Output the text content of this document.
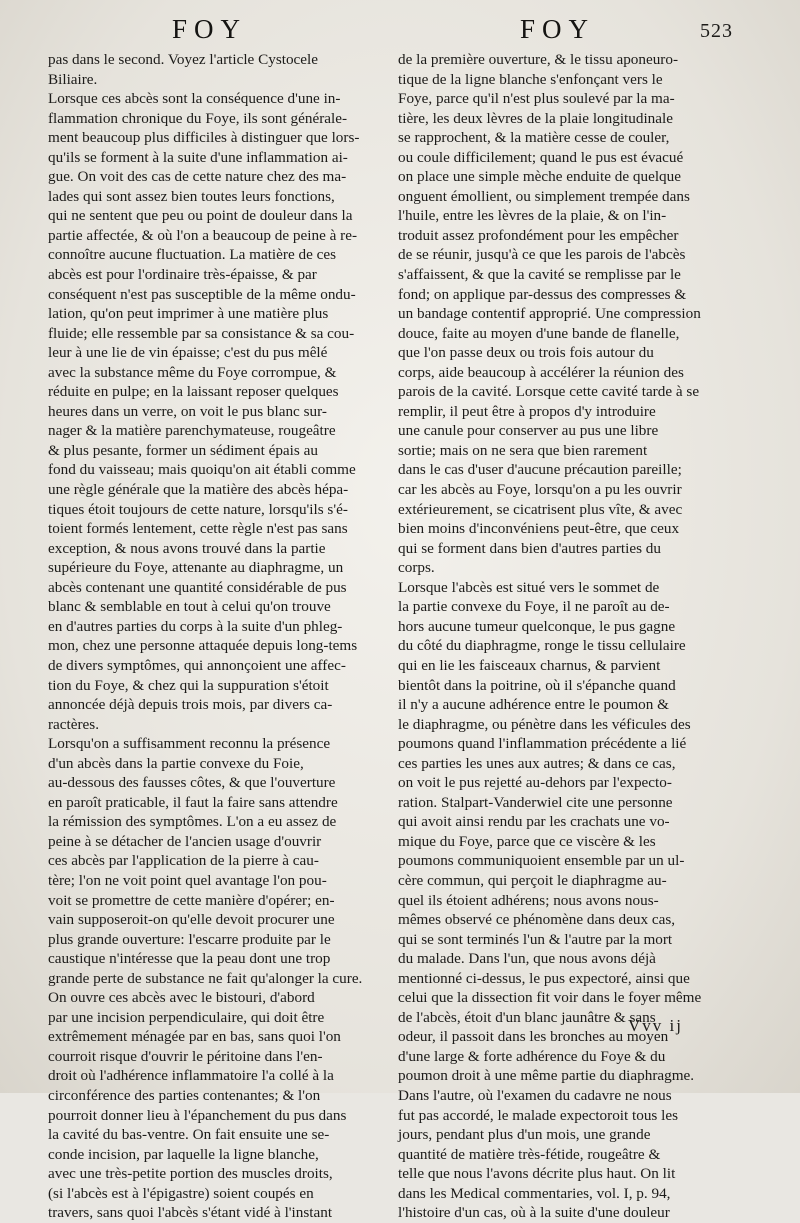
FOY	FOY	523
pas dans le second. Voyez l'article Cystocele
Biliaire.
Lorsque ces abcès sont la conséquence d'une in-
flammation chronique du Foye, ils sont générale-
ment beaucoup plus difficiles à distinguer que lors-
qu'ils se forment à la suite d'une inflammation ai-
gue. On voit des cas de cette nature chez des ma-
lades qui sont assez bien toutes leurs fonctions,
qui ne sentent que peu ou point de douleur dans la
partie affectée, & où l'on a beaucoup de peine à re-
connoître aucune fluctuation. La matière de ces
abcès est pour l'ordinaire très-épaisse, & par
conséquent n'est pas susceptible de la même ondu-
lation, qu'on peut imprimer à une matière plus
fluide; elle ressemble par sa consistance & sa cou-
leur à une lie de vin épaisse; c'est du pus mêlé
avec la substance même du Foye corrompue, &
réduite en pulpe; en la laissant reposer quelques
heures dans un verre, on voit le pus blanc sur-
nager & la matière parenchymateuse, rougeâtre
& plus pesante, former un sédiment épais au
fond du vaisseau; mais quoiqu'on ait établi comme
une règle générale que la matière des abcès hépa-
tiques étoit toujours de cette nature, lorsqu'ils s'é-
toient formés lentement, cette règle n'est pas sans
exception, & nous avons trouvé dans la partie
supérieure du Foye, attenante au diaphragme, un
abcès contenant une quantité considérable de pus
blanc & semblable en tout à celui qu'on trouve
en d'autres parties du corps à la suite d'un phleg-
mon, chez une personne attaquée depuis long-tems
de divers symptômes, qui annonçoient une affec-
tion du Foye, & chez qui la suppuration s'étoit
annoncée déjà depuis trois mois, par divers ca-
ractères.
Lorsqu'on a suffisamment reconnu la présence
d'un abcès dans la partie convexe du Foie,
au-dessous des fausses côtes, & que l'ouverture
en paroît praticable, il faut la faire sans attendre
la rémission des symptômes. L'on a eu assez de
peine à se détacher de l'ancien usage d'ouvrir
ces abcès par l'application de la pierre à cau-
tère; l'on ne voit point quel avantage l'on pou-
voit se promettre de cette manière d'opérer; en-
vain supposeroit-on qu'elle devoit procurer une
plus grande ouverture: l'escarre produite par le
caustique n'intéresse que la peau dont une trop
grande perte de substance ne fait qu'alonger la cure.
On ouvre ces abcès avec le bistouri, d'abord
par une incision perpendiculaire, qui doit être
extrêmement ménagée par en bas, sans quoi l'on
courroit risque d'ouvrir le péritoine dans l'en-
droit où l'adhérence inflammatoire l'a collé à la
circonférence des parties contenantes; & l'on
pourroit donner lieu à l'épanchement du pus dans
la cavité du bas-ventre. On fait ensuite une se-
conde incision, par laquelle la ligne blanche,
avec une très-petite portion des muscles droits,
(si l'abcès est à l'épigastre) soient coupés en
travers, sans quoi l'abcès s'étant vidé à l'instant
de la première ouverture, & le tissu aponeuro-
tique de la ligne blanche s'enfonçant vers le
Foye, parce qu'il n'est plus soulevé par la ma-
tière, les deux lèvres de la plaie longitudinale
se rapprochent, & la matière cesse de couler,
ou coule difficilement; quand le pus est évacué
on place une simple mèche enduite de quelque
onguent émollient, ou simplement trempée dans
l'huile, entre les lèvres de la plaie, & on l'in-
troduit assez profondément pour les empêcher
de se réunir, jusqu'à ce que les parois de l'abcès
s'affaissent, & que la cavité se remplisse par le
fond; on applique par-dessus des compresses &
un bandage contentif approprié. Une compression
douce, faite au moyen d'une bande de flanelle,
que l'on passe deux ou trois fois autour du
corps, aide beaucoup à accélérer la réunion des
parois de la cavité. Lorsque cette cavité tarde à se
remplir, il peut être à propos d'y introduire
une canule pour conserver au pus une libre
sortie; mais on ne sera que bien rarement
dans le cas d'user d'aucune précaution pareille;
car les abcès au Foye, lorsqu'on a pu les ouvrir
extérieurement, se cicatrisent plus vîte, & avec
bien moins d'inconvéniens peut-être, que ceux
qui se forment dans bien d'autres parties du
corps.
Lorsque l'abcès est situé vers le sommet de
la partie convexe du Foye, il ne paroît au de-
hors aucune tumeur quelconque, le pus gagne
du côté du diaphragme, ronge le tissu cellulaire
qui en lie les faisceaux charnus, & parvient
bientôt dans la poitrine, où il s'épanche quand
il n'y a aucune adhérence entre le poumon &
le diaphragme, ou pénètre dans les véficules des
poumons quand l'inflammation précédente a lié
ces parties les unes aux autres; & dans ce cas,
on voit le pus rejetté au-dehors par l'expecto-
ration. Stalpart-Vanderwiel cite une personne
qui avoit ainsi rendu par les crachats une vo-
mique du Foye, parce que ce viscère & les
poumons communiquoient ensemble par un ul-
cère commun, qui perçoit le diaphragme au-
quel ils étoient adhérens; nous avons nous-
mêmes observé ce phénomène dans deux cas,
qui se sont terminés l'un & l'autre par la mort
du malade. Dans l'un, que nous avons déjà
mentionné ci-dessus, le pus expectoré, ainsi que
celui que la dissection fit voir dans le foyer même
de l'abcès, étoit d'un blanc jaunâtre & sans
odeur, il passoit dans les bronches au moyen
d'une large & forte adhérence du Foye & du
poumon droit à une même partie du diaphragme.
Dans l'autre, où l'examen du cadavre ne nous
fut pas accordé, le malade expectoroit tous les
jours, pendant plus d'un mois, une grande
quantité de matière très-fétide, rougeâtre &
telle que nous l'avons décrite plus haut. On lit
dans les Medical commentaries, vol. I, p. 94,
l'histoire d'un cas, où à la suite d'une douleur
Vvv ij
